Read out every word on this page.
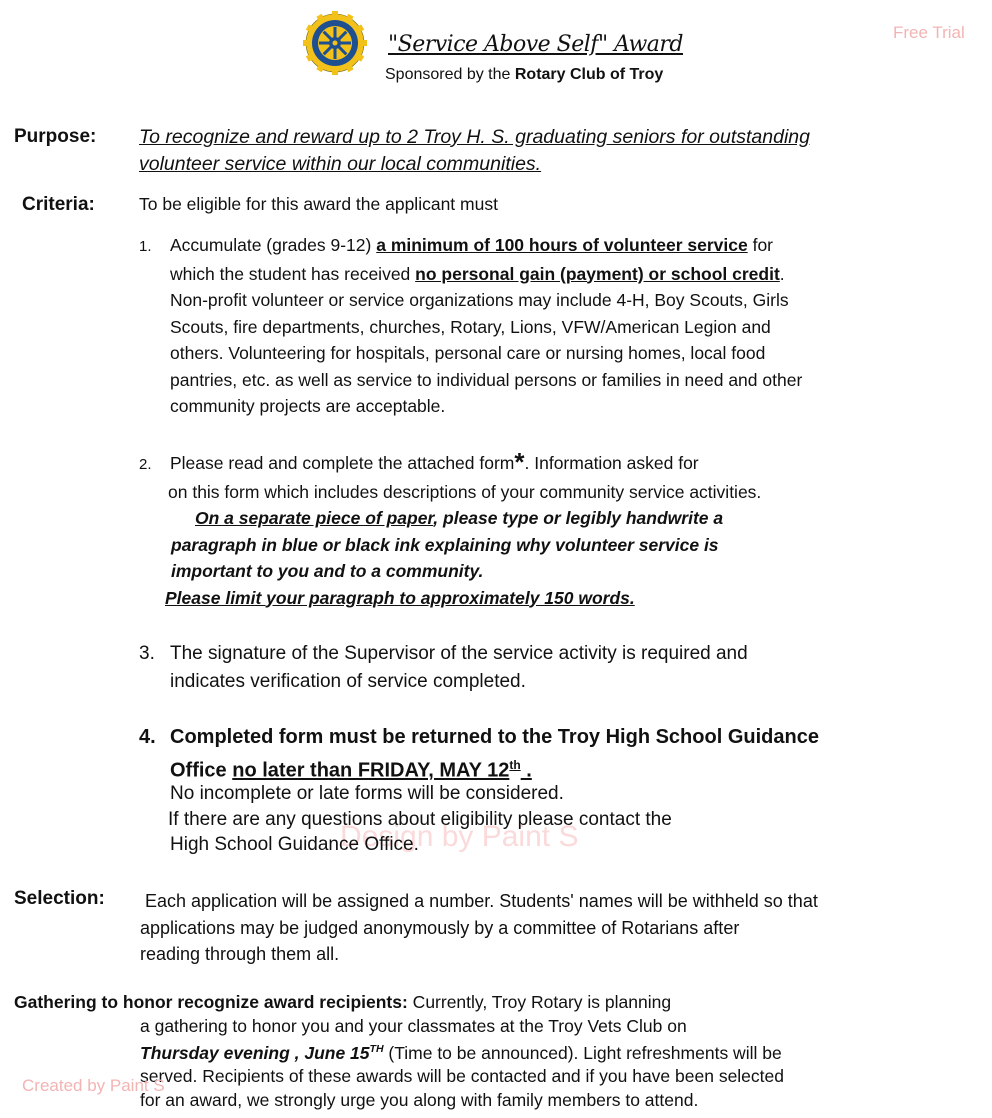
Free Trial
Design by Paint S
"Service Above Self" Award
Sponsored by the Rotary Club of Troy
Purpose: To recognize and reward up to 2 Troy H. S. graduating seniors for outstanding
volunteer service within our local communities.
Criteria:	To be eligible for this award the applicant must
1. Accumulate (grades 9-12) a minimum of 100 hours of volunteer service for
which the student has received no personal gain (payment) or school credit.
Non-profit volunteer or service organizations may include 4-H, Boy Scouts, Girls
Scouts, fire departments, churches, Rotary, Lions, VFW/American Legion and
others. Volunteering for hospitals, personal care or nursing homes, local food
pantries, etc. as well as service to individual persons or families in need and other
community projects are acceptable.
2. Please read and complete the attached form*. Information asked for
on this form which includes descriptions of your community service activities.
On a separate piece of paper, please type or legibly handwrite a
paragraph in blue or black ink explaining why volunteer service is
important to you and to a community.
Please limit your paragraph to approximately 150 words.
3. The signature of the Supervisor of the service activity is required and
indicates verification of service completed.
4. Completed form must be returned to the Troy High School Guidance
Office no later than FRIDAY, MAY 12th .
No incomplete or late forms will be considered.
If there are any questions about eligibility please contact the
High School Guidance Office.
Selection: Each application will be assigned a number. Students' names will be withheld so that
applications may be judged anonymously by a committee of Rotarians after
reading through them all.
Gathering to honor recognize award recipients: Currently, Troy Rotary is planning
a gathering to honor you and your classmates at the Troy Vets Club on
Thursday evening , June 15TH (Time to be announced). Light refreshments will be
served. Recipients of these awards will be contacted and if you have been selected
for an award, we strongly urge you along with family members to attend.
Created by Paint S
